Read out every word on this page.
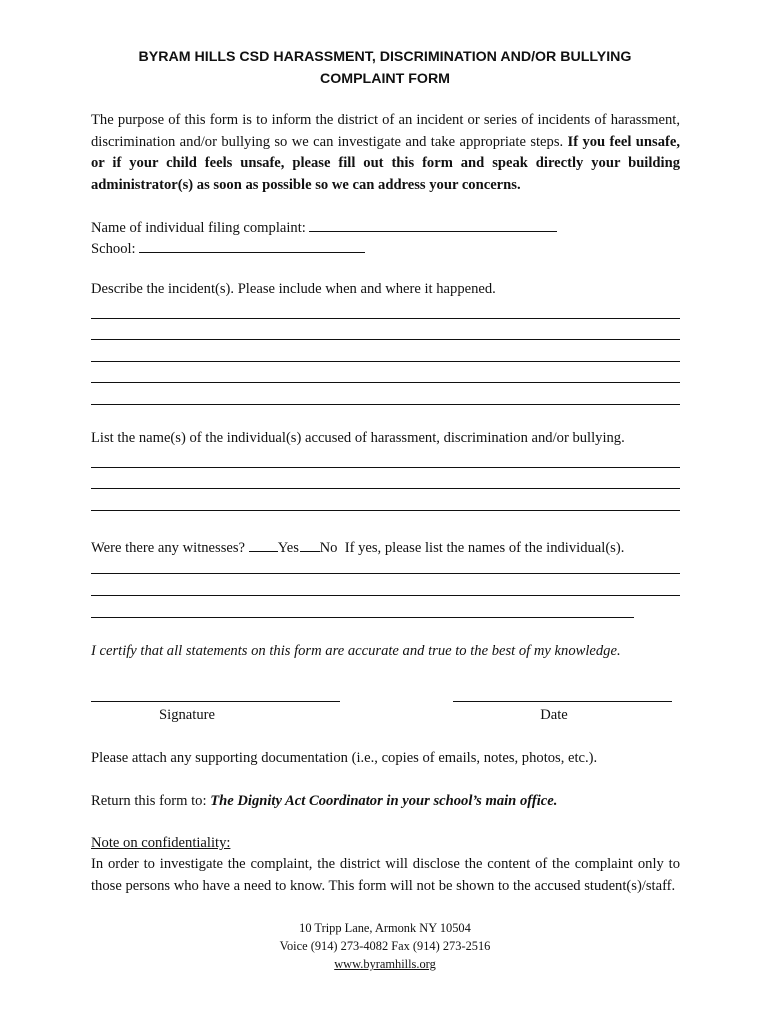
BYRAM HILLS CSD HARASSMENT, DISCRIMINATION AND/OR BULLYING
COMPLAINT FORM
The purpose of this form is to inform the district of an incident or series of incidents of harassment, discrimination and/or bullying so we can investigate and take appropriate steps. If you feel unsafe, or if your child feels unsafe, please fill out this form and speak directly your building administrator(s) as soon as possible so we can address your concerns.
Name of individual filing complaint:
School:
Describe the incident(s). Please include when and where it happened.
List the name(s) of the individual(s) accused of harassment, discrimination and/or bullying.
Were there any witnesses? Yes No If yes, please list the names of the individual(s).
I certify that all statements on this form are accurate and true to the best of my knowledge.
Signature	Date
Please attach any supporting documentation (i.e., copies of emails, notes, photos, etc.).
Return this form to: The Dignity Act Coordinator in your school’s main office.
Note on confidentiality:
In order to investigate the complaint, the district will disclose the content of the complaint only to those persons who have a need to know. This form will not be shown to the accused student(s)/staff.
10 Tripp Lane, Armonk NY 10504
Voice (914) 273-4082 Fax (914) 273-2516
www.byramhills.org
